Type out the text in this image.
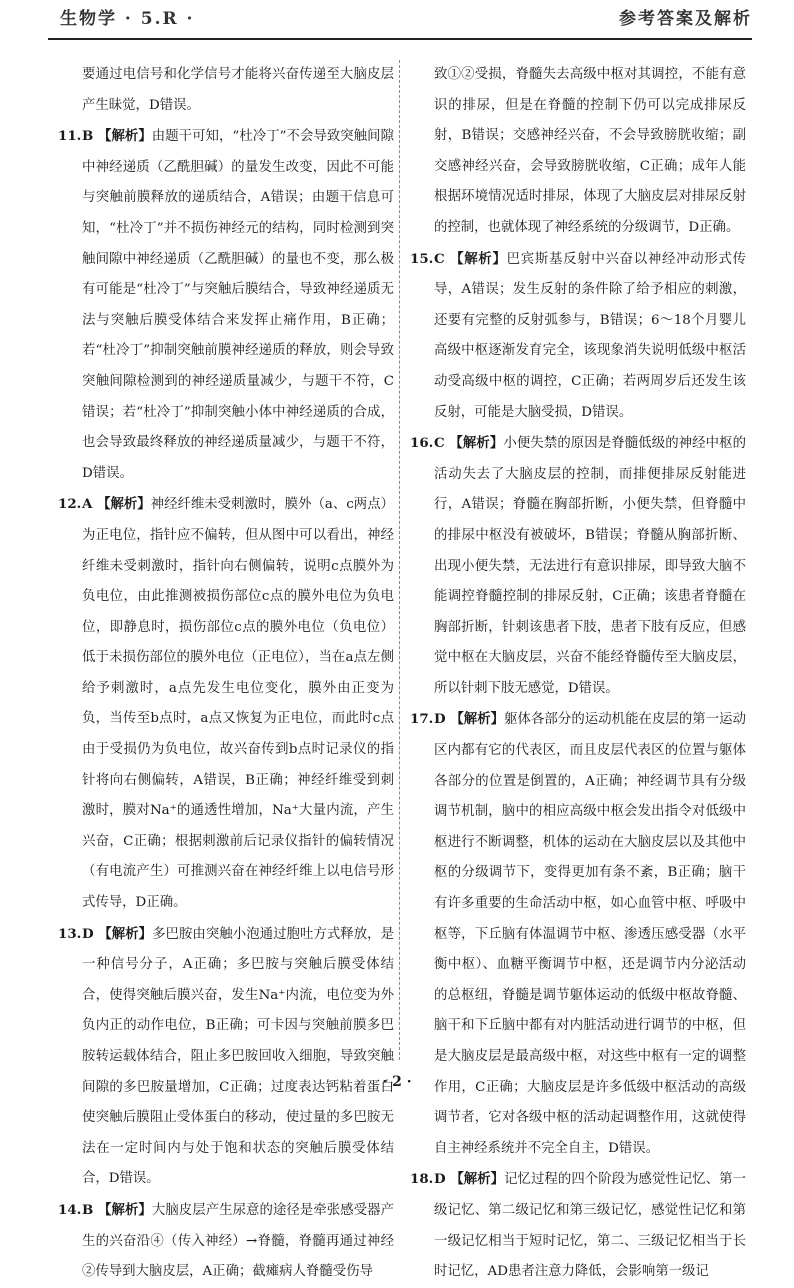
生物学 · 5.R ·	参考答案及解析

要通过电信号和化学信号才能将兴奋传递至大脑皮层产生昧觉，D错误。

11. B 【解析】由题干可知，“杜冷丁”不会导致突触间隙中神经递质（乙酰胆碱）的量发生改变，因此不可能与突触前膜释放的递质结合，A错误；由题干信息可知，“杜冷丁”并不损伤神经元的结构，同时检测到突触间隙中神经递质（乙酰胆碱）的量也不变，那么极有可能是“杜冷丁”与突触后膜结合，导致神经递质无法与突触后膜受体结合来发挥止痛作用，B正确；若“杜冷丁”抑制突触前膜神经递质的释放，则会导致突触间隙检测到的神经递质量减少，与题干不符，C错误；若“杜冷丁”抑制突触小体中神经递质的合成，也会导致最终释放的神经递质量减少，与题干不符，D错误。

12. A 【解析】神经纤维未受刺激时，膜外（a、c两点）为正电位，指针应不偏转，但从图中可以看出，神经纤维未受刺激时，指针向右侧偏转，说明c点膜外为负电位，由此推测被损伤部位c点的膜外电位为负电位，即静息时，损伤部位c点的膜外电位（负电位）低于未损伤部位的膜外电位（正电位），当在a点左侧给予刺激时，a点先发生电位变化，膜外由正变为负，当传至b点时，a点又恢复为正电位，而此时c点由于受损仍为负电位，故兴奋传到b点时记录仪的指针将向右侧偏转，A错误，B正确；神经纤维受到刺激时，膜对Na⁺的通透性增加，Na⁺大量内流，产生兴奋，C正确；根据刺激前后记录仪指针的偏转情况（有电流产生）可推测兴奋在神经纤维上以电信号形式传导，D正确。

13. D 【解析】多巴胺由突触小泡通过胞吐方式释放，是一种信号分子，A正确；多巴胺与突触后膜受体结合，使得突触后膜兴奋，发生Na⁺内流，电位变为外负内正的动作电位，B正确；可卡因与突触前膜多巴胺转运载体结合，阻止多巴胺回收入细胞，导致突触间隙的多巴胺量增加，C正确；过度表达钙粘着蛋白使突触后膜阻止受体蛋白的移动，使过量的多巴胺无法在一定时间内与处于饱和状态的突触后膜受体结合，D错误。

14. B 【解析】大脑皮层产生尿意的途径是牵张感受器产生的兴奋沿④（传入神经）→脊髓，脊髓再通过神经②传导到大脑皮层，A正确；截瘫病人脊髓受伤导

致①②受损，脊髓失去高级中枢对其调控，不能有意识的排尿，但是在脊髓的控制下仍可以完成排尿反射，B错误；交感神经兴奋，不会导致膀胱收缩；副交感神经兴奋，会导致膀胱收缩，C正确；成年人能根据环境情况适时排尿，体现了大脑皮层对排尿反射的控制，也就体现了神经系统的分级调节，D正确。

15. C 【解析】巴宾斯基反射中兴奋以神经冲动形式传导，A错误；发生反射的条件除了给予相应的刺激，还要有完整的反射弧参与，B错误；6～18个月婴儿高级中枢逐渐发育完全，该现象消失说明低级中枢活动受高级中枢的调控，C正确；若两周岁后还发生该反射，可能是大脑受损，D错误。

16. C 【解析】小便失禁的原因是脊髓低级的神经中枢的活动失去了大脑皮层的控制，而排便排尿反射能进行，A错误；脊髓在胸部折断，小便失禁，但脊髓中的排尿中枢没有被破坏，B错误；脊髓从胸部折断、出现小便失禁，无法进行有意识排尿，即导致大脑不能调控脊髓控制的排尿反射，C正确；该患者脊髓在胸部折断，针刺该患者下肢，患者下肢有反应，但感觉中枢在大脑皮层，兴奋不能经脊髓传至大脑皮层，所以针刺下肢无感觉，D错误。

17. D 【解析】躯体各部分的运动机能在皮层的第一运动区内都有它的代表区，而且皮层代表区的位置与躯体各部分的位置是倒置的，A正确；神经调节具有分级调节机制，脑中的相应高级中枢会发出指令对低级中枢进行不断调整，机体的运动在大脑皮层以及其他中枢的分级调节下，变得更加有条不紊，B正确；脑干有许多重要的生命活动中枢，如心血管中枢、呼吸中枢等，下丘脑有体温调节中枢、渗透压感受器（水平衡中枢）、血糖平衡调节中枢，还是调节内分泌活动的总枢纽，脊髓是调节躯体运动的低级中枢故脊髓、脑干和下丘脑中都有对内脏活动进行调节的中枢，但是大脑皮层是最高级中枢，对这些中枢有一定的调整作用，C正确；大脑皮层是许多低级中枢活动的高级调节者，它对各级中枢的活动起调整作用，这就使得自主神经系统并不完全自主，D错误。

18. D 【解析】记忆过程的四个阶段为感觉性记忆、第一级记忆、第二级记忆和第三级记忆，感觉性记忆和第一级记忆相当于短时记忆，第二、三级记忆相当于长时记忆，AD患者注意力降低，会影响第一级记

· 2 ·
